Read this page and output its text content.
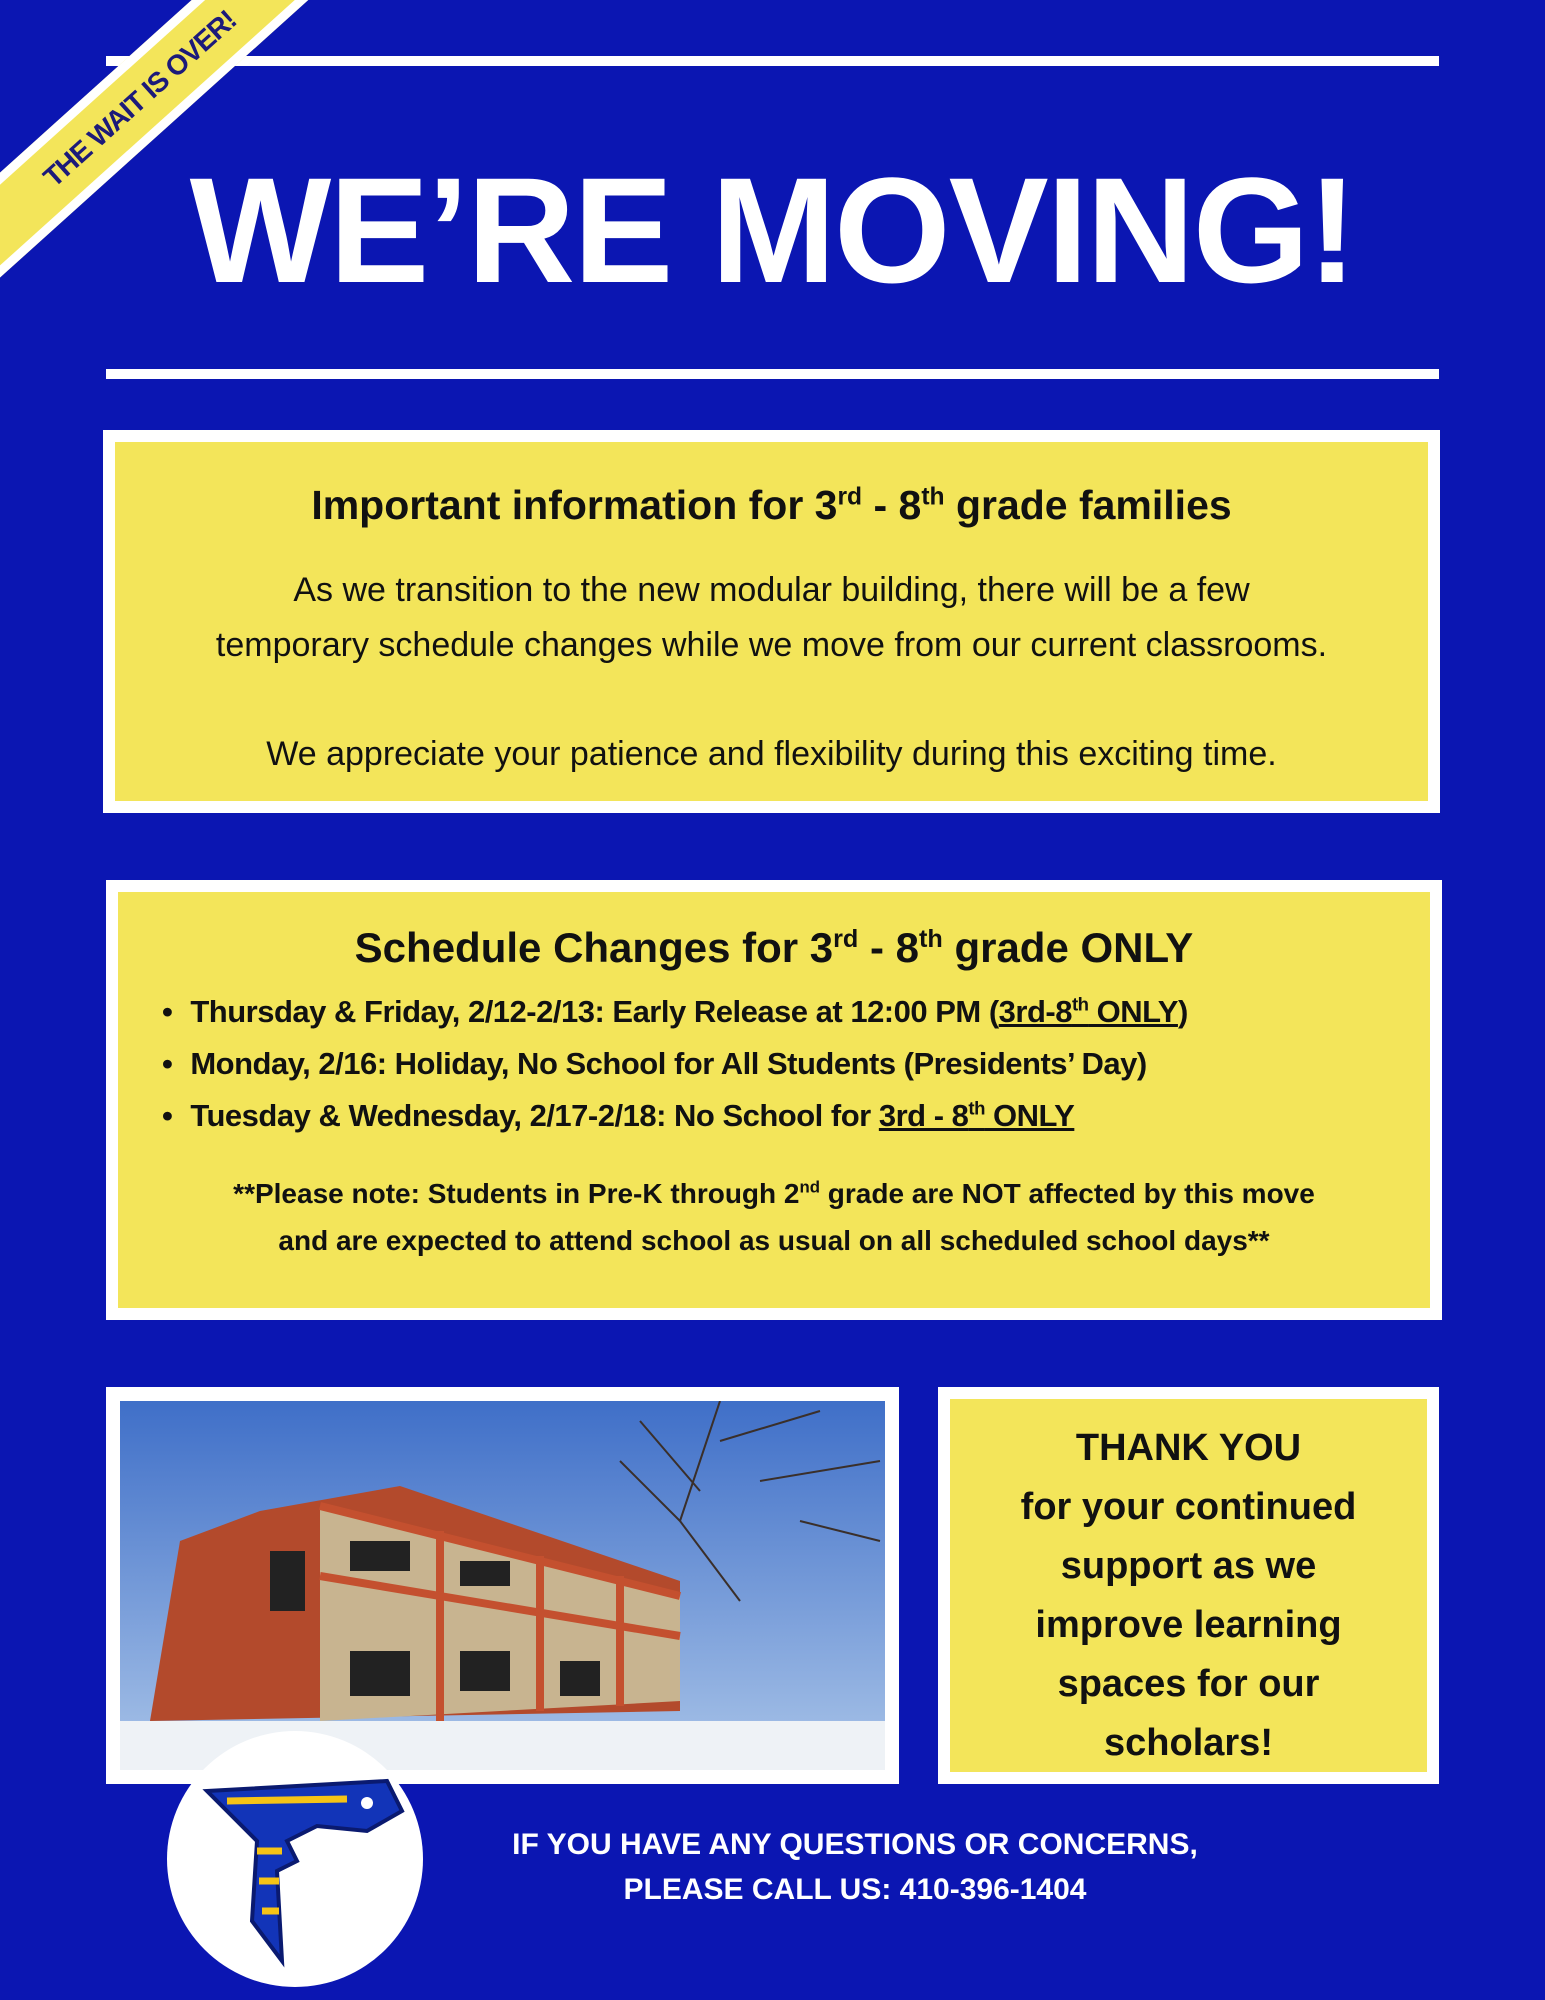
WE’RE MOVING!
THE WAIT IS OVER!
Important information for 3rd - 8th grade families

As we transition to the new modular building, there will be a few
temporary schedule changes while we move from our current classrooms.

We appreciate your patience and flexibility during this exciting time.

Schedule Changes for 3rd - 8th grade ONLY
• Thursday & Friday, 2/12-2/13: Early Release at 12:00 PM (3rd-8th ONLY)
• Monday, 2/16: Holiday, No School for All Students (Presidents’ Day)
• Tuesday & Wednesday, 2/17-2/18: No School for 3rd - 8th ONLY
**Please note: Students in Pre-K through 2nd grade are NOT affected by this move
and are expected to attend school as usual on all scheduled school days**
THANK YOU
for your continued
support as we
improve learning
spaces for our
scholars!
IF YOU HAVE ANY QUESTIONS OR CONCERNS,
PLEASE CALL US: 410-396-1404
